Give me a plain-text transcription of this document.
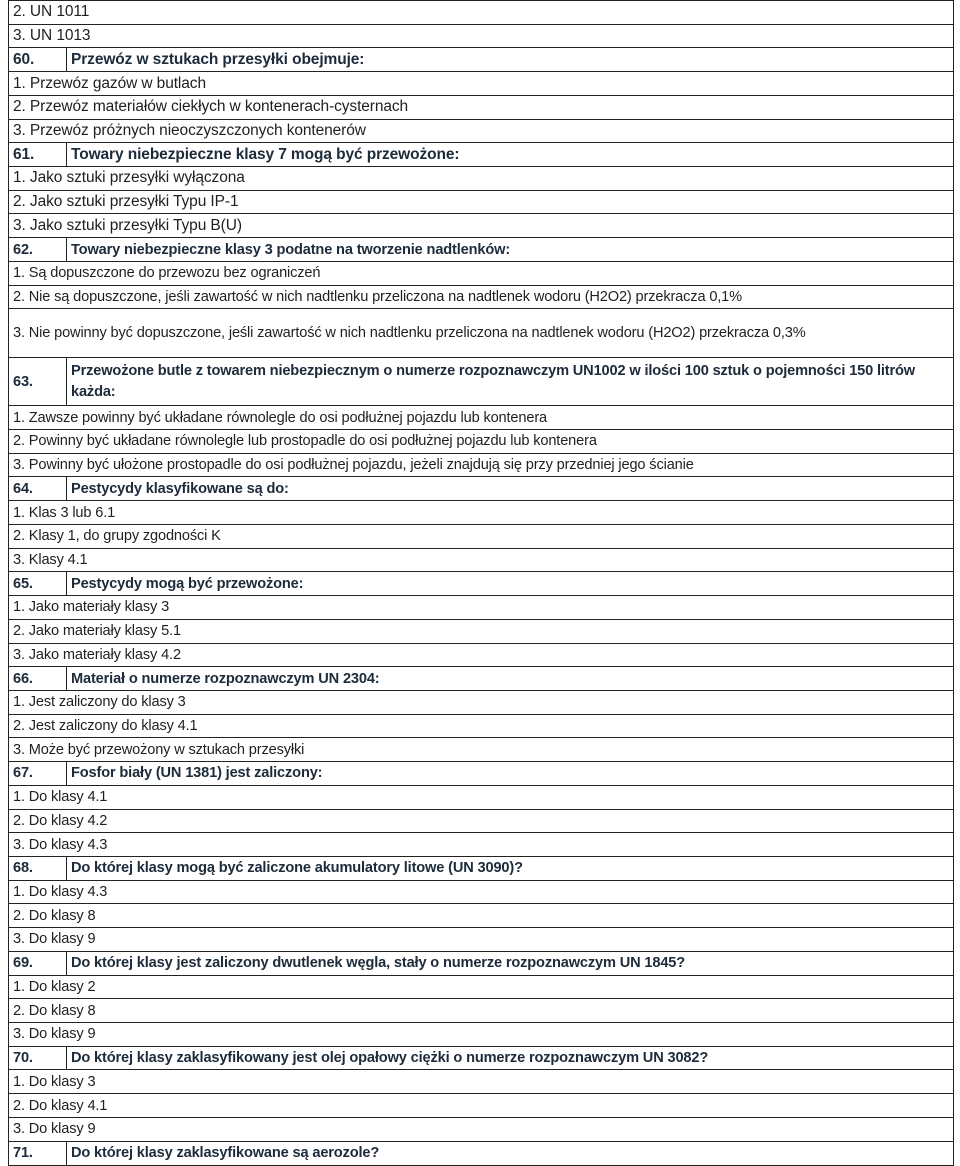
2. UN 1011	
3. UN 1013	
60.	Przewóz w sztukach przesyłki obejmuje:
1. Przewóz gazów w butlach	
2. Przewóz materiałów ciekłych w kontenerach-cysternach	
3. Przewóz próżnych nieoczyszczonych kontenerów	
61.	Towary niebezpieczne klasy 7 mogą być przewożone:
1. Jako sztuki przesyłki wyłączona	
2. Jako sztuki przesyłki Typu IP-1	
3. Jako sztuki przesyłki Typu B(U)	
62.	Towary niebezpieczne klasy 3 podatne na tworzenie nadtlenków:
1. Są dopuszczone do przewozu bez ograniczeń	
2. Nie są dopuszczone, jeśli zawartość w nich nadtlenku przeliczona na nadtlenek wodoru (H2O2) przekracza 0,1%	
3. Nie powinny być dopuszczone, jeśli zawartość w nich nadtlenku przeliczona na nadtlenek wodoru (H2O2) przekracza 0,3%	
63.	Przewożone butle z towarem niebezpiecznym o numerze rozpoznawczym UN1002 w ilości 100 sztuk o pojemności 150 litrów każda:
1. Zawsze powinny być układane równolegle do osi podłużnej pojazdu lub kontenera	
2. Powinny być układane równolegle lub prostopadle do osi podłużnej pojazdu lub kontenera	
3. Powinny być ułożone prostopadle do osi podłużnej pojazdu, jeżeli znajdują się przy przedniej jego ścianie	
64.	Pestycydy klasyfikowane są do:
1. Klas 3 lub 6.1	
2. Klasy 1, do grupy zgodności K	
3. Klasy 4.1	
65.	Pestycydy mogą być przewożone:
1. Jako materiały klasy 3	
2. Jako materiały klasy 5.1	
3. Jako materiały klasy 4.2	
66.	Materiał o numerze rozpoznawczym UN 2304:
1. Jest zaliczony do klasy 3	
2. Jest zaliczony do klasy 4.1	
3. Może być przewożony w sztukach przesyłki	
67.	Fosfor biały (UN 1381) jest zaliczony:
1. Do klasy 4.1	
2. Do klasy 4.2	
3. Do klasy 4.3	
68.	Do której klasy mogą być zaliczone akumulatory litowe (UN 3090)?
1. Do klasy 4.3	
2. Do klasy 8	
3. Do klasy 9	
69.	Do której klasy jest zaliczony dwutlenek węgla, stały o numerze rozpoznawczym UN 1845?
1. Do klasy 2	
2. Do klasy 8	
3. Do klasy 9	
70.	Do której klasy zaklasyfikowany jest olej opałowy ciężki o numerze rozpoznawczym UN 3082?
1. Do klasy 3	
2. Do klasy 4.1	
3. Do klasy 9	
71.	Do której klasy zaklasyfikowane są aerozole?
